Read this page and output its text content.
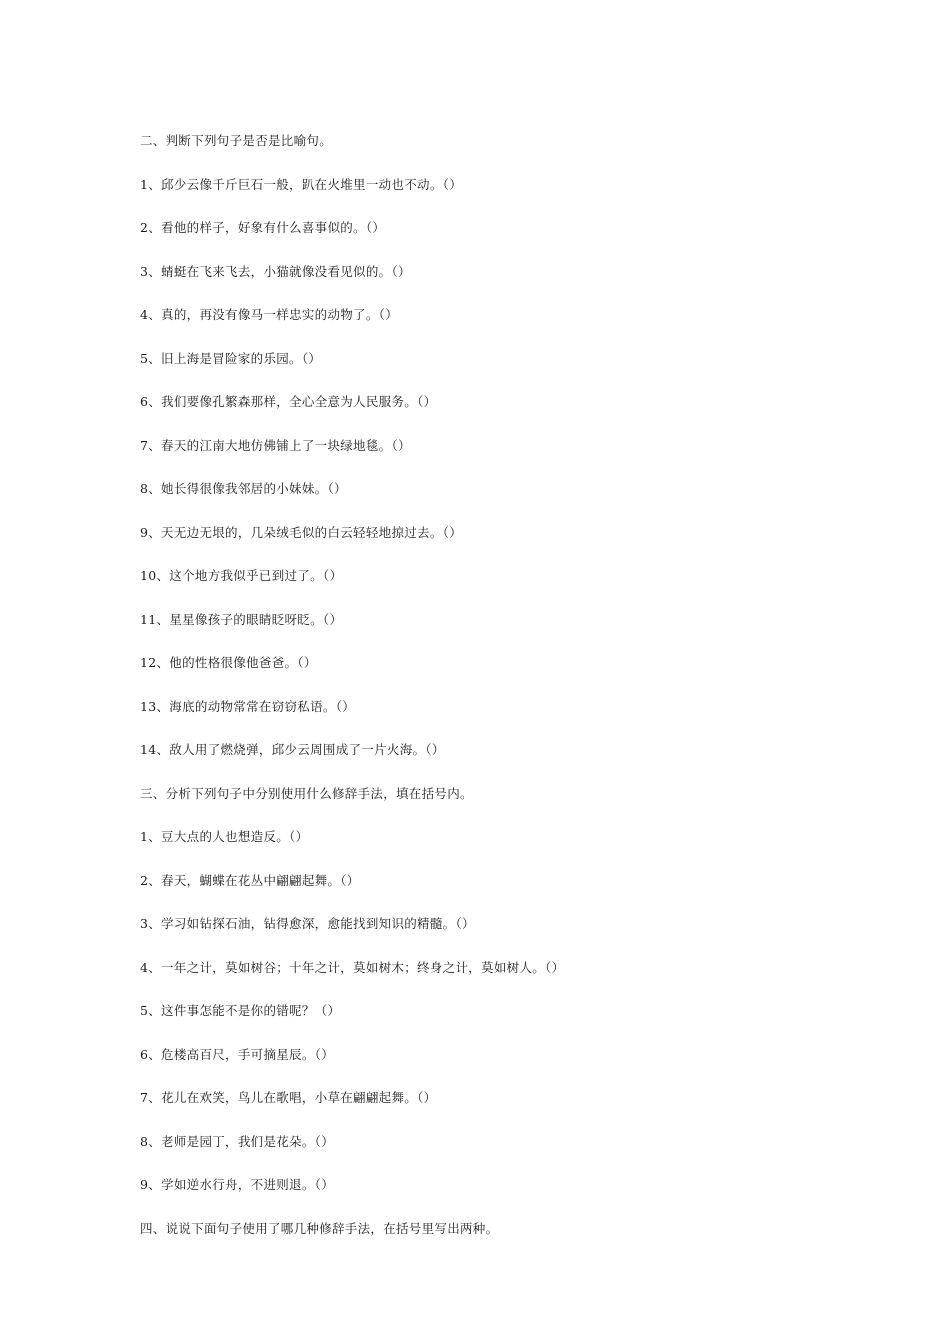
二、判断下列句子是否是比喻句。
1、邱少云像千斤巨石一般，趴在火堆里一动也不动。（）
2、看他的样子，好象有什么喜事似的。（）
3、蜻蜓在飞来飞去，小猫就像没看见似的。（）
4、真的，再没有像马一样忠实的动物了。（）
5、旧上海是冒险家的乐园。（）
6、我们要像孔繁森那样，全心全意为人民服务。（）
7、春天的江南大地仿佛铺上了一块绿地毯。（）
8、她长得很像我邻居的小妹妹。（）
9、天无边无垠的，几朵绒毛似的白云轻轻地掠过去。（）
10、这个地方我似乎已到过了。（）
11、星星像孩子的眼睛眨呀眨。（）
12、他的性格很像他爸爸。（）
13、海底的动物常常在窃窃私语。（）
14、敌人用了燃烧弹，邱少云周围成了一片火海。（）
三、分析下列句子中分别使用什么修辞手法，填在括号内。
1、豆大点的人也想造反。（）
2、春天，蝴蝶在花丛中翩翩起舞。（）
3、学习如钻探石油，钻得愈深，愈能找到知识的精髓。（）
4、一年之计，莫如树谷；十年之计，莫如树木；终身之计，莫如树人。（）
5、这件事怎能不是你的错呢？（）
6、危楼高百尺，手可摘星辰。（）
7、花儿在欢笑，鸟儿在歌唱，小草在翩翩起舞。（）
8、老师是园丁，我们是花朵。（）
9、学如逆水行舟，不进则退。（）
四、说说下面句子使用了哪几种修辞手法，在括号里写出两种。
